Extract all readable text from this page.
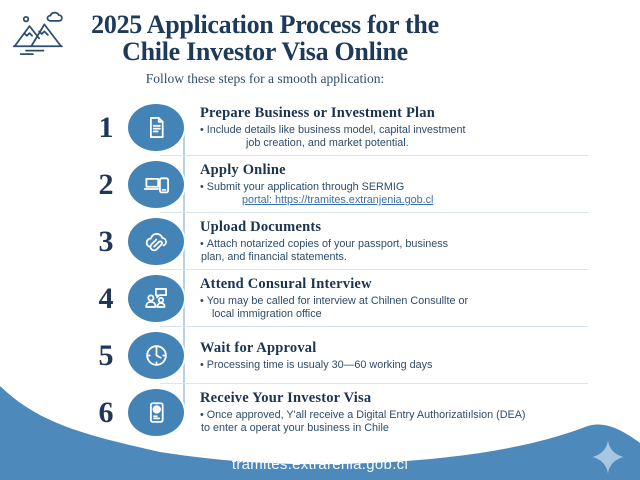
2025 Application Process for the
Chile Investor Visa Online
Follow these steps for a smooth application:
1	Prepare Business or Investment Plan
• Include details like business model, capital investment
job creation, and market potential.
2	Apply Online
• Submit your application through SERMIG
portal: https://tramites.extranjenia.gob.cl
3	Upload Documents
• Attach notarized copies of your passport, business
plan, and financial statements.
4	Attend Consural Interview
• You may be called for interview at Chilnen Consullte or
local immigration office
5	Wait for Approval
• Processing time is usualy 30—60 working days
6	Receive Your Investor Visa
• Once approved, Y'all receive a Digital Entry Authorizatiılsion (DEA)
to enter a operat your business in Chile
tramites.extrarenia.gob.cl
